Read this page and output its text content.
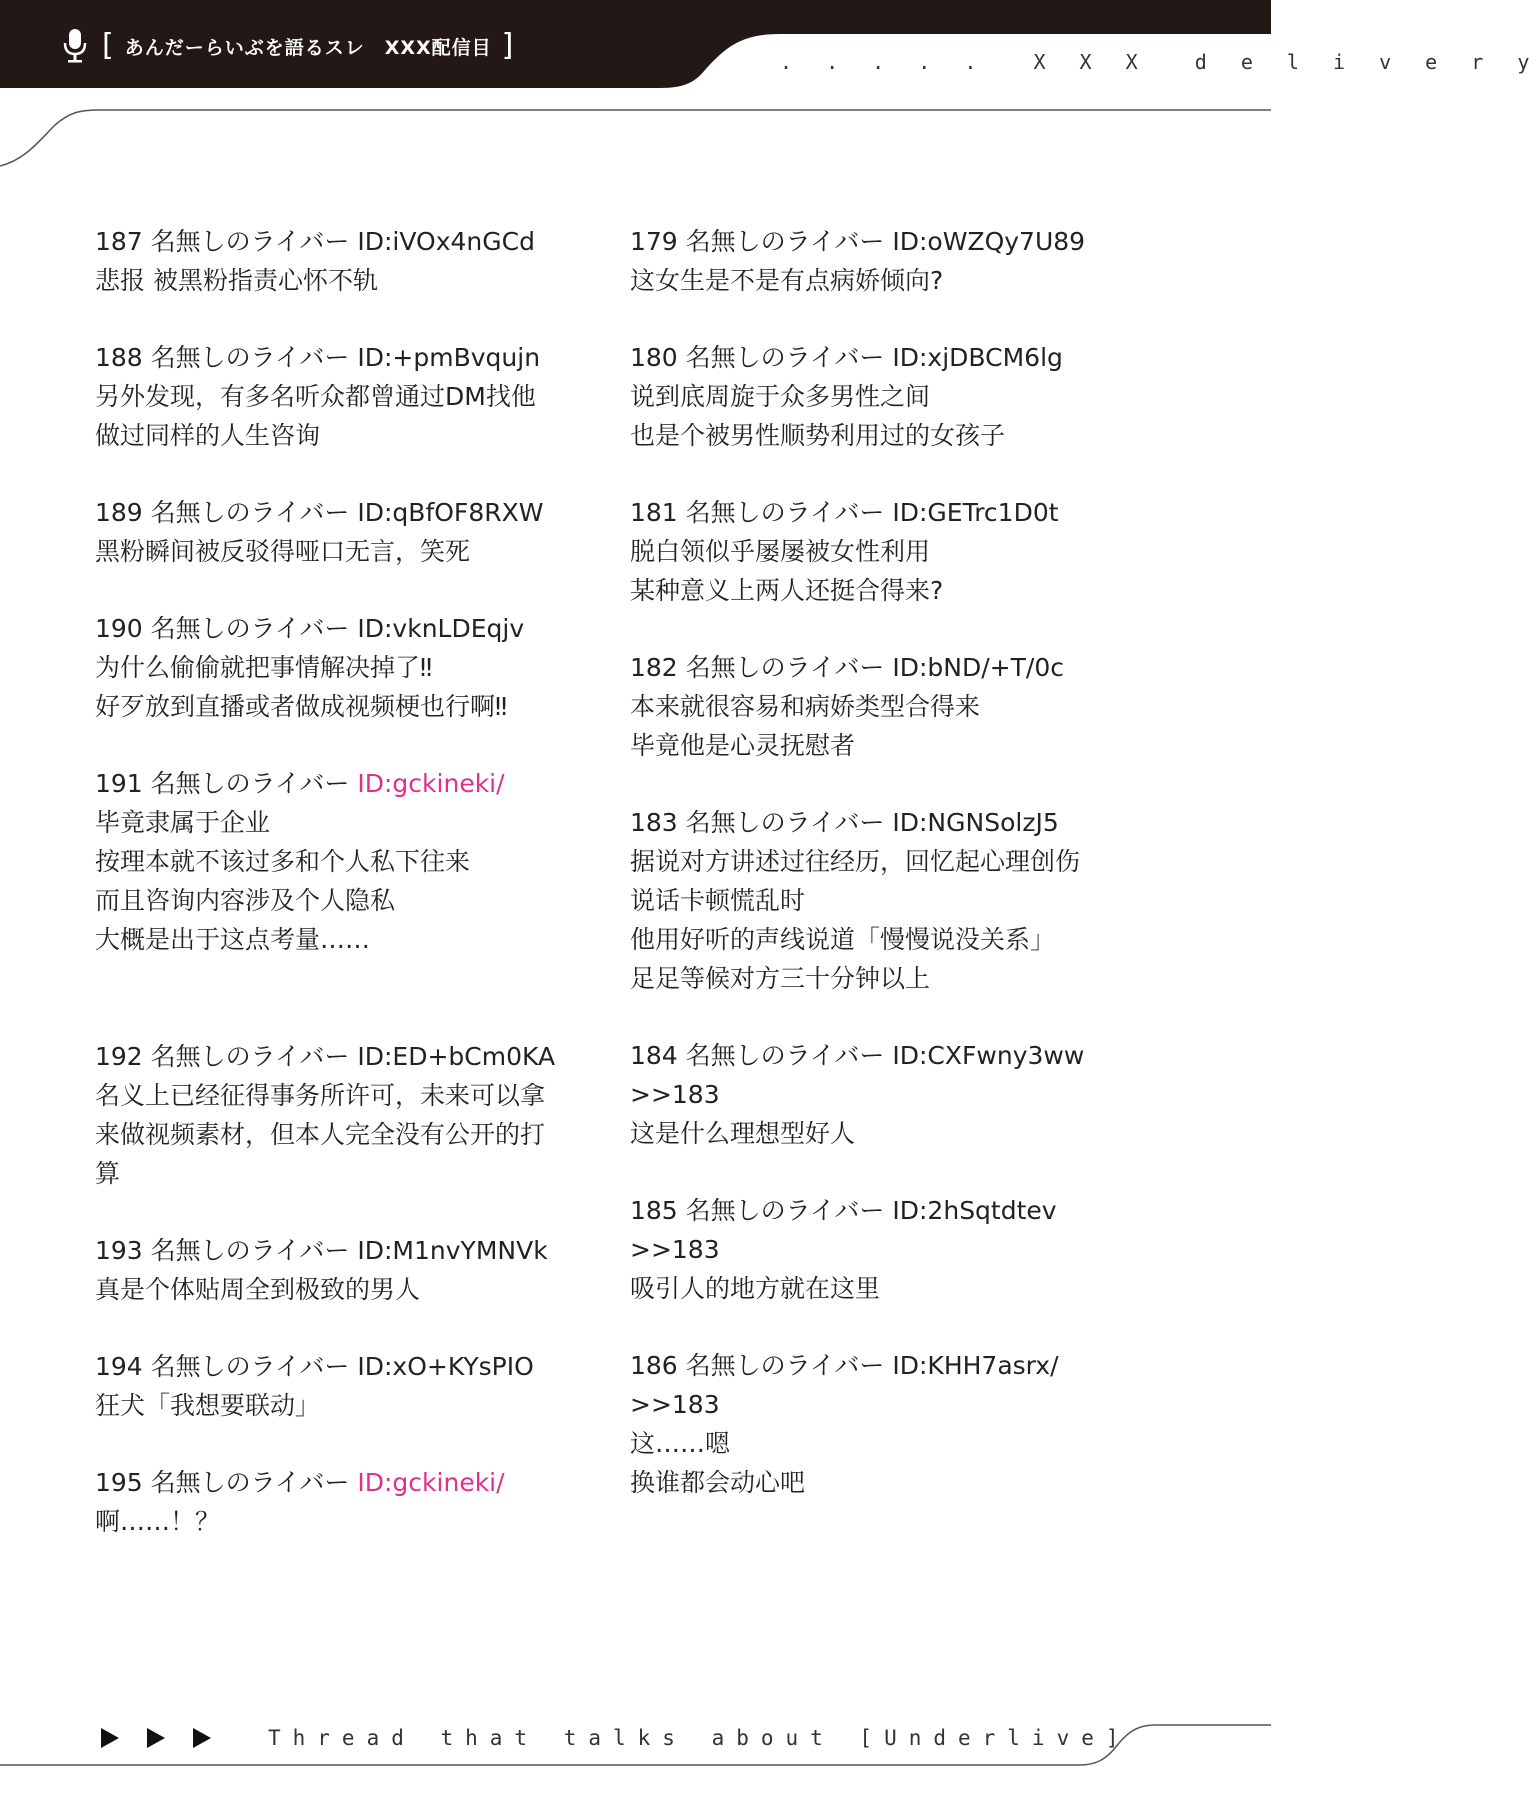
[ あんだーらいぶを語るスレ　XXX配信目 ]	. . . . .  X X X  d e l i v e r y
187 名無しのライバー ID:iVOx4nGCd
悲报 被黑粉指责心怀不轨
188 名無しのライバー ID:+pmBvqujn
另外发现，有多名听众都曾通过DM找他
做过同样的人生咨询
189 名無しのライバー ID:qBfOF8RXW
黑粉瞬间被反驳得哑口无言，笑死
190 名無しのライバー ID:vknLDEqjv
为什么偷偷就把事情解决掉了‼
好歹放到直播或者做成视频梗也行啊‼
191 名無しのライバー ID:gckineki/
毕竟隶属于企业
按理本就不该过多和个人私下往来
而且咨询内容涉及个人隐私
大概是出于这点考量……
192 名無しのライバー ID:ED+bCm0KA
名义上已经征得事务所许可，未来可以拿
来做视频素材，但本人完全没有公开的打
算
193 名無しのライバー ID:M1nvYMNVk
真是个体贴周全到极致的男人
194 名無しのライバー ID:xO+KYsPIO
狂犬「我想要联动」
195 名無しのライバー ID:gckineki/
啊……！？
179 名無しのライバー ID:oWZQy7U89
这女生是不是有点病娇倾向?
180 名無しのライバー ID:xjDBCM6lg
说到底周旋于众多男性之间
也是个被男性顺势利用过的女孩子
181 名無しのライバー ID:GETrc1D0t
脱白领似乎屡屡被女性利用
某种意义上两人还挺合得来?
182 名無しのライバー ID:bND/+T/0c
本来就很容易和病娇类型合得来
毕竟他是心灵抚慰者
183 名無しのライバー ID:NGNSolzJ5
据说对方讲述过往经历，回忆起心理创伤
说话卡顿慌乱时
他用好听的声线说道「慢慢说没关系」
足足等候对方三十分钟以上
184 名無しのライバー ID:CXFwny3ww
>>183
这是什么理想型好人
185 名無しのライバー ID:2hSqtdtev
>>183
吸引人的地方就在这里
186 名無しのライバー ID:KHH7asrx/
>>183
这……嗯
换谁都会动心吧
Thread that talks about [Underlive]
